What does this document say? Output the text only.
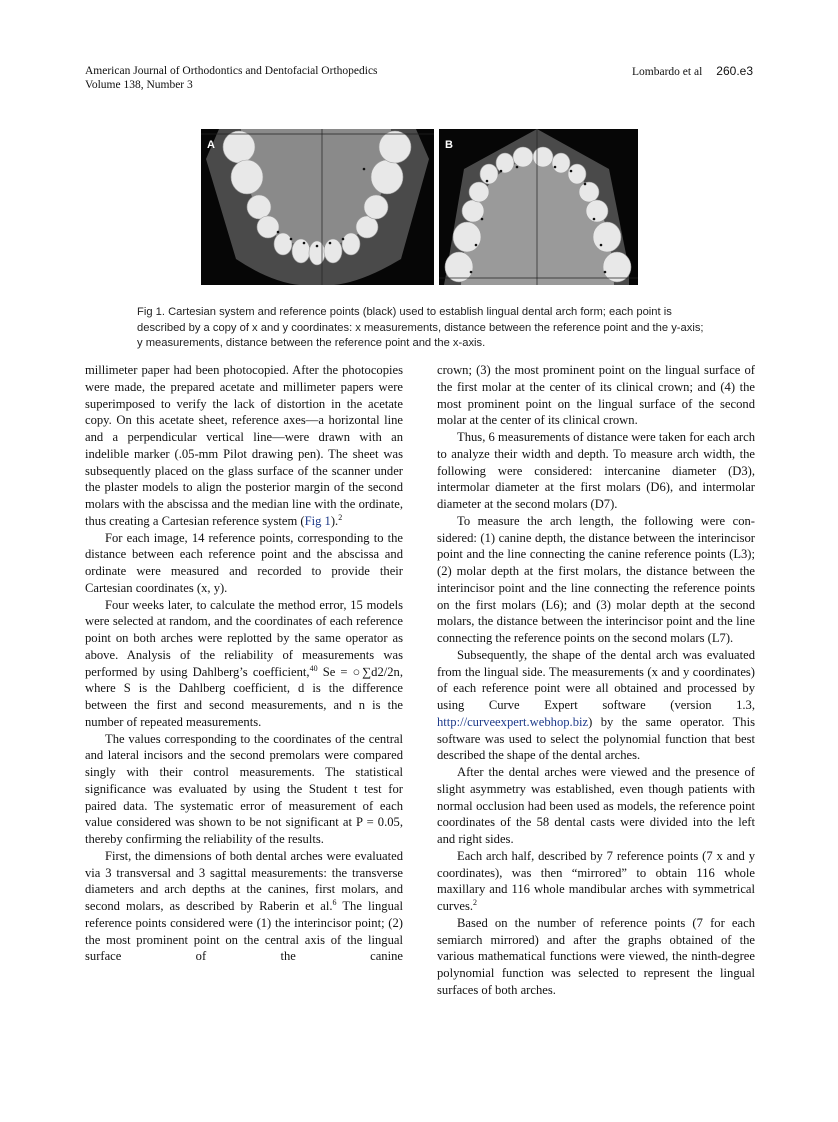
American Journal of Orthodontics and Dentofacial Orthopedics
Volume 138, Number 3
Lombardo et al 260.e3
A	B
Fig 1. Cartesian system and reference points (black) used to establish lingual dental arch form; each point is described by a copy of x and y coordinates: x measurements, distance between the reference point and the y-axis; y measurements, distance between the reference point and the x-axis.

millimeter paper had been photocopied. After the photocopies were made, the prepared acetate and millimeter papers were superimposed to verify the lack of distortion in the acetate copy. On this acetate sheet, reference axes—a horizontal line and a perpendicular vertical line—were drawn with an indelible marker (.05-mm Pilot drawing pen). The sheet was subsequently placed on the glass surface of the scanner under the plaster models to align the posterior margin of the second molars with the abscissa and the median line with the ordinate, thus creating a Cartesian reference system (Fig 1).$^2$

For each image, 14 reference points, corresponding to the distance between each reference point and the abscissa and ordinate were measured and recorded to provide their Cartesian coordinates (x, y).

Four weeks later, to calculate the method error, 15 models were selected at random, and the coordinates of each reference point on both arches were replotted by the same operator as above. Analysis of the reliability of measurements was performed by using Dahlberg’s coefficient,$^{40}$ Se = ○∑d2/2n, where S is the Dahlberg coefficient, d is the difference between the first and second measurements, and n is the number of repeated measurements.

The values corresponding to the coordinates of the central and lateral incisors and the second premolars were compared singly with their control measurements. The statistical significance was evaluated by using the Student t test for paired data. The systematic error of measurement of each value considered was shown to be not significant at P = 0.05, thereby confirming the reliability of the results.

First, the dimensions of both dental arches were evaluated via 3 transversal and 3 sagittal measurements: the transverse diameters and arch depths at the canines, first molars, and second molars, as described by Raberin et al.$^6$ The lingual reference points considered were (1) the interincisor point; (2) the most prominent point on the central axis of the lingual surface of the canine

crown; (3) the most prominent point on the lingual surface of the first molar at the center of its clinical crown; and (4) the most prominent point on the lingual surface of the second molar at the center of its clinical crown.

Thus, 6 measurements of distance were taken for each arch to analyze their width and depth. To measure arch width, the following were considered: intercanine diameter (D3), intermolar diameter at the first molars (D6), and intermolar diameter at the second molars (D7).

To measure the arch length, the following were considered: (1) canine depth, the distance between the interincisor point and the line connecting the canine reference points (L3); (2) molar depth at the first molars, the distance between the interincisor point and the line connecting the reference points on the first molars (L6); and (3) molar depth at the second molars, the distance between the interincisor point and the line connecting the reference points on the second molars (L7).

Subsequently, the shape of the dental arch was evaluated from the lingual side. The measurements (x and y coordinates) of each reference point were all obtained and processed by using Curve Expert software (version 1.3, http://curveexpert.webhop.biz) by the same operator. This software was used to select the polynomial function that best described the shape of the dental arches.

After the dental arches were viewed and the presence of slight asymmetry was established, even though patients with normal occlusion had been used as models, the reference point coordinates of the 58 dental casts were divided into the left and right sides.

Each arch half, described by 7 reference points (7 x and y coordinates), was then “mirrored” to obtain 116 whole maxillary and 116 whole mandibular arches with symmetrical curves.$^2$

Based on the number of reference points (7 for each semiarch mirrored) and after the graphs obtained of the various mathematical functions were viewed, the ninth-degree polynomial function was selected to represent the lingual surfaces of both arches.
